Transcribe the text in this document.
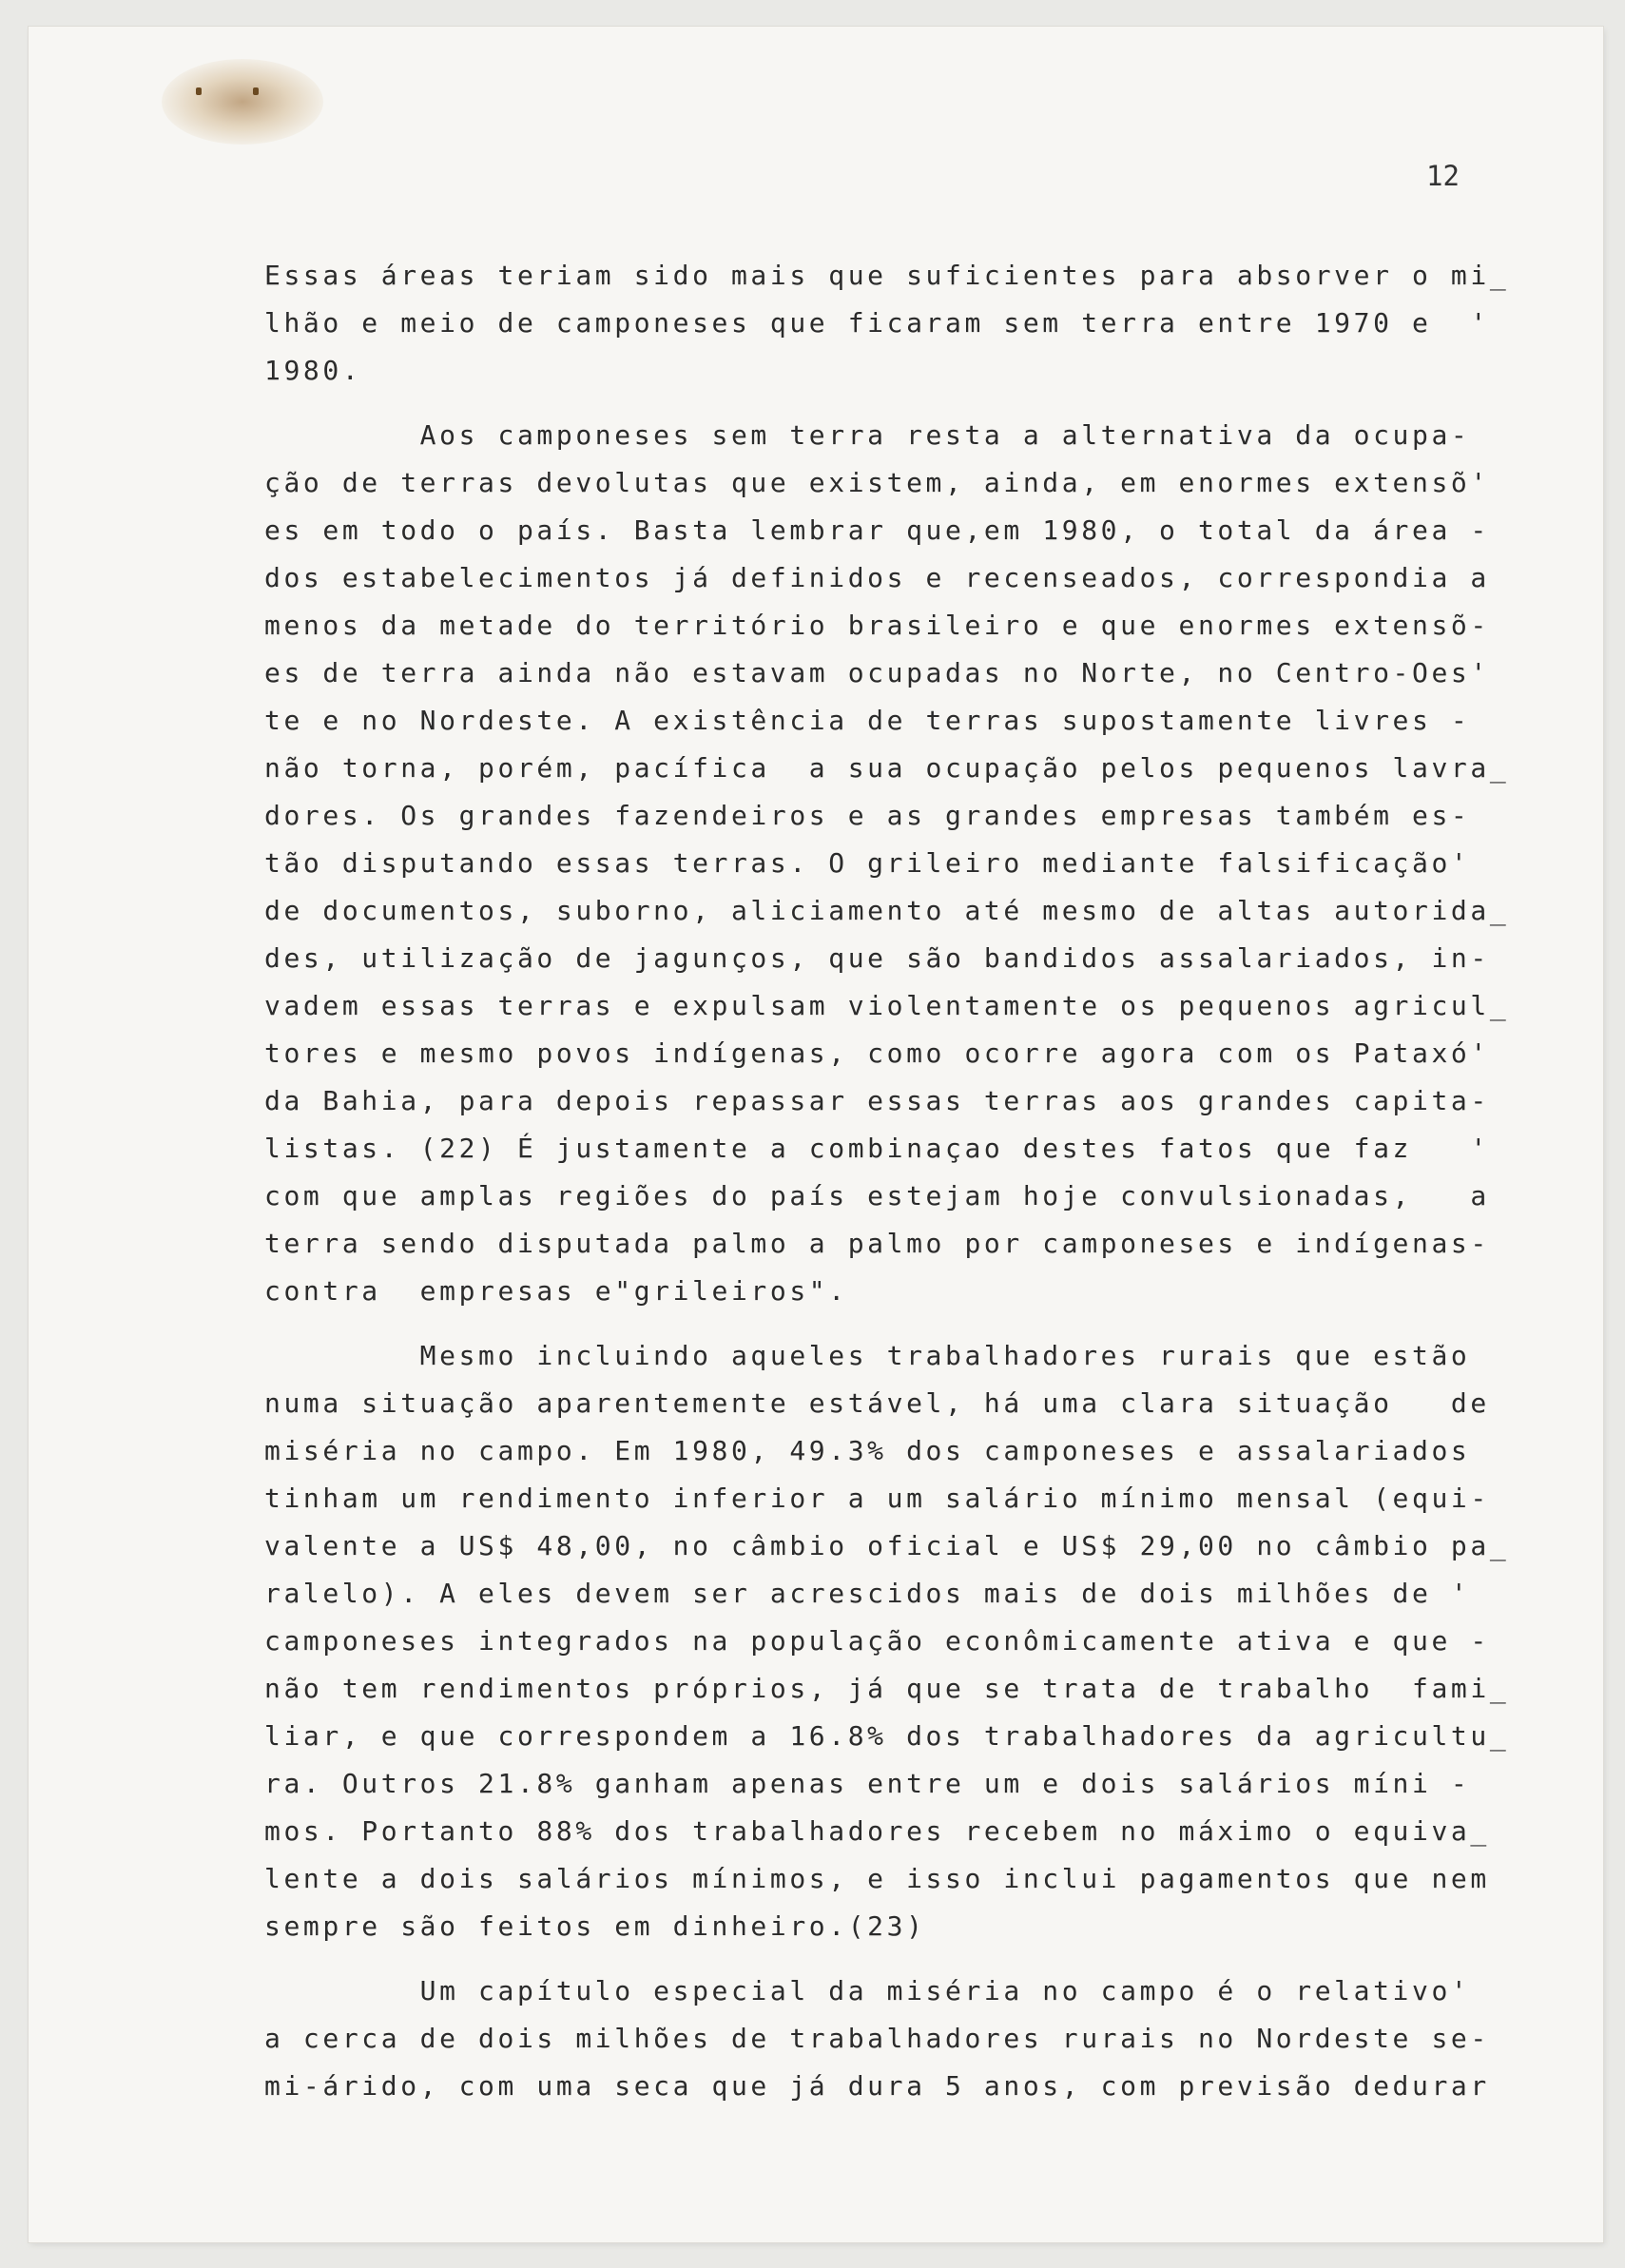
12
Essas áreas teriam sido mais que suficientes para absorver o mi_
lhão e meio de camponeses que ficaram sem terra entre 1970 e  '
1980.
Aos camponeses sem terra resta a alternativa da ocupa-
ção de terras devolutas que existem, ainda, em enormes extensõ'
es em todo o país. Basta lembrar que,em 1980, o total da área -
dos estabelecimentos já definidos e recenseados, correspondia a
menos da metade do território brasileiro e que enormes extensõ-
es de terra ainda não estavam ocupadas no Norte, no Centro-Oes'
te e no Nordeste. A existência de terras supostamente livres -
não torna, porém, pacífica  a sua ocupação pelos pequenos lavra_
dores. Os grandes fazendeiros e as grandes empresas também es-
tão disputando essas terras. O grileiro mediante falsificação'
de documentos, suborno, aliciamento até mesmo de altas autorida_
des, utilização de jagunços, que são bandidos assalariados, in-
vadem essas terras e expulsam violentamente os pequenos agricul_
tores e mesmo povos indígenas, como ocorre agora com os Pataxó'
da Bahia, para depois repassar essas terras aos grandes capita-
listas. (22) É justamente a combinaçao destes fatos que faz   '
com que amplas regiões do país estejam hoje convulsionadas,   a
terra sendo disputada palmo a palmo por camponeses e indígenas-
contra  empresas e"grileiros".
Mesmo incluindo aqueles trabalhadores rurais que estão
numa situação aparentemente estável, há uma clara situação   de
miséria no campo. Em 1980, 49.3% dos camponeses e assalariados
tinham um rendimento inferior a um salário mínimo mensal (equi-
valente a US$ 48,00, no câmbio oficial e US$ 29,00 no câmbio pa_
ralelo). A eles devem ser acrescidos mais de dois milhões de '
camponeses integrados na população econômicamente ativa e que -
não tem rendimentos próprios, já que se trata de trabalho  fami_
liar, e que correspondem a 16.8% dos trabalhadores da agricultu_
ra. Outros 21.8% ganham apenas entre um e dois salários míni -
mos. Portanto 88% dos trabalhadores recebem no máximo o equiva_
lente a dois salários mínimos, e isso inclui pagamentos que nem
sempre são feitos em dinheiro.(23)
Um capítulo especial da miséria no campo é o relativo'
a cerca de dois milhões de trabalhadores rurais no Nordeste se-
mi-árido, com uma seca que já dura 5 anos, com previsão dedurar
